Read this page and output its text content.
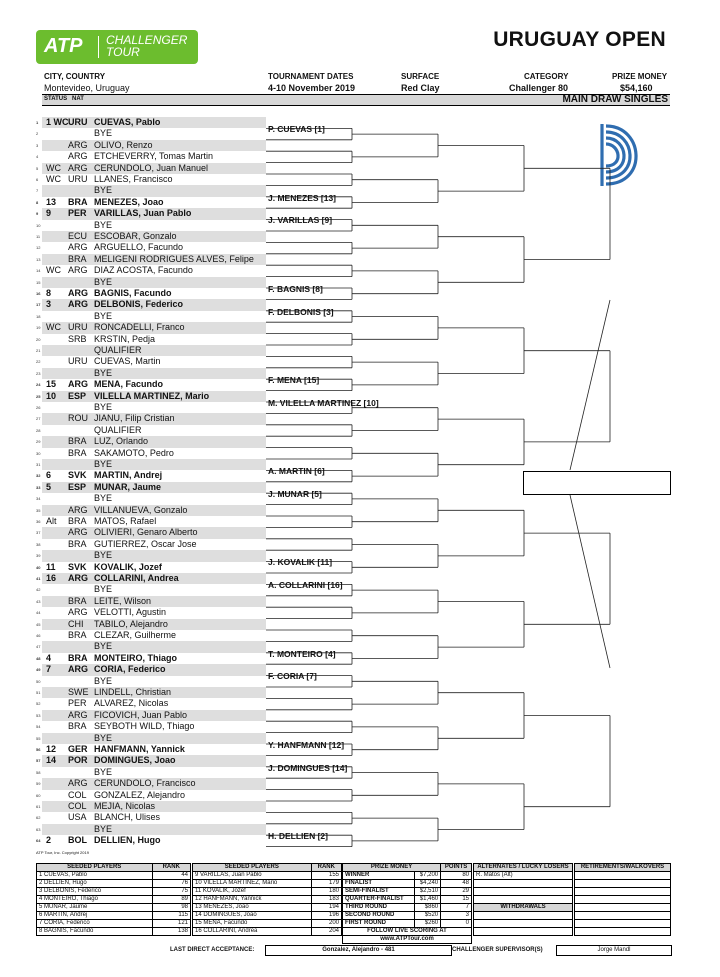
ATP CHALLENGER
TOUR
URUGUAY OPEN
CITY, COUNTRY
Montevideo, Uruguay
TOURNAMENT DATES
4-10 November 2019
SURFACE
Red Clay
CATEGORY
Challenger 80
PRIZE MONEY
$54,160
STATUS NAT	MAIN DRAW SINGLES
1 1 WC URU CUEVAS, Pablo
2	BYE
3	ARG OLIVO, Renzo
4	ARG ETCHEVERRY, Tomas Martin
5 WC ARG CERUNDOLO, Juan Manuel
6 WC URU LLANES, Francisco
7	BYE
8 13	BRA MENEZES, Joao
9 9	PER VARILLAS, Juan Pablo
10	BYE
11	ECU ESCOBAR, Gonzalo
12	ARG ARGUELLO, Facundo
13	BRA MELIGENI RODRIGUES ALVES, Felipe
14 WC ARG DIAZ ACOSTA, Facundo
15	BYE
16 8	ARG BAGNIS, Facundo
17 3	ARG DELBONIS, Federico
18	BYE
19 WC URU RONCADELLI, Franco
20	SRB KRSTIN, Pedja
21	QUALIFIER
22	URU CUEVAS, Martin
23	BYE
24 15	ARG MENA, Facundo
25 10	ESP VILELLA MARTINEZ, Mario
26	BYE
27	ROU JIANU, Filip Cristian
28	QUALIFIER
29	BRA LUZ, Orlando
30	BRA SAKAMOTO, Pedro
31	BYE
32 6	SVK MARTIN, Andrej
33 5	ESP MUNAR, Jaume
34	BYE
35	ARG VILLANUEVA, Gonzalo
36 Alt	BRA MATOS, Rafael
37	ARG OLIVIERI, Genaro Alberto
38	BRA GUTIERREZ, Oscar Jose
39	BYE
40 11	SVK KOVALIK, Jozef
41 16	ARG COLLARINI, Andrea
42	BYE
43	BRA LEITE, Wilson
44	ARG VELOTTI, Agustin
45	CHI TABILO, Alejandro
46	BRA CLEZAR, Guilherme
47	BYE
48 4	BRA MONTEIRO, Thiago
49 7	ARG CORIA, Federico
50	BYE
51	SWE LINDELL, Christian
52	PER ALVAREZ, Nicolas
53	ARG FICOVICH, Juan Pablo
54	BRA SEYBOTH WILD, Thiago
55	BYE
56 12	GER HANFMANN, Yannick
57 14	POR DOMINGUES, Joao
58	BYE
59	ARG CERUNDOLO, Francisco
60	COL GONZALEZ, Alejandro
61	COL MEJIA, Nicolas
62	USA BLANCH, Ulises
63	BYE
64 2	BOL DELLIEN, Hugo
P. CUEVAS [1]
J. MENEZES [13]
J. VARILLAS [9]
F. BAGNIS [8]
F. DELBONIS [3]
F. MENA [15]
M. VILELLA MARTINEZ [10]
A. MARTIN [6]
J. MUNAR [5]
J. KOVALIK [11]
A. COLLARINI [16]
T. MONTEIRO [4]
F. CORIA [7]
Y. HANFMANN [12]
J. DOMINGUES [14]
H. DELLIEN [2]
ATP Tour, Inc. Copyright 2019
SEEDED PLAYERS	RANK
1 CUEVAS, Pablo	44
2 DELLIEN, Hugo	76
3 DELBONIS, Federico	75
4 MONTEIRO, Thiago	89
5 MUNAR, Jaume	98
6 MARTIN, Andrej	115
7 CORIA, Federico	121
8 BAGNIS, Facundo	138
SEEDED PLAYERS	RANK
9 VARILLAS, Juan Pablo	155
10 VILELLA MARTINEZ, Mario	179
11 KOVALIK, Jozef	180
12 HANFMANN, Yannick	183
13 MENEZES, Joao	194
14 DOMINGUES, Joao	196
15 MENA, Facundo	200
16 COLLARINI, Andrea	204
PRIZE MONEY		POINTS
WINNER	$7,200	80
FINALIST	$4,240	48
SEMI-FINALIST	$2,510	29
QUARTER-FINALIST	$1,460	15
THIRD ROUND	$860	7
SECOND ROUND	$520	3
FIRST ROUND	$260	0
FOLLOW LIVE SCORING AT		
www.ATPTour.com		
ALTERNATES / LUCKY LOSERS
R. Matos (Alt)

WITHDRAWALS

RETIREMENTS/WALKOVERS

LAST DIRECT ACCEPTANCE:	Gonzalez, Alejandro - 481	CHALLENGER SUPERVISOR(S)	Jorge Mandl
